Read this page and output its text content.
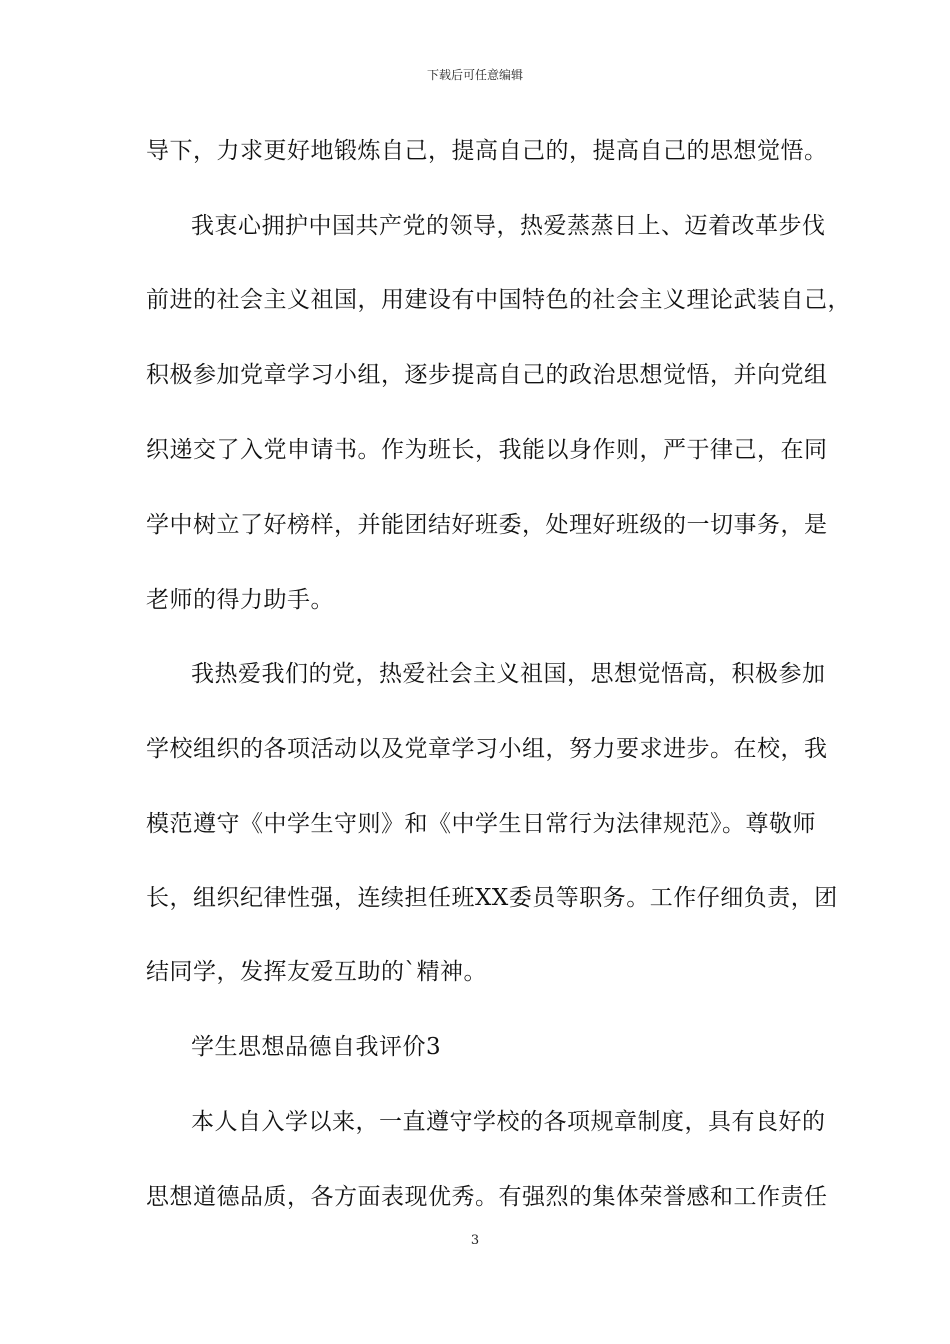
下载后可任意编辑
导下，力求更好地锻炼自己，提高自己的，提高自己的思想觉悟。
我衷心拥护中国共产党的领导，热爱蒸蒸日上、迈着改革步伐
前进的社会主义祖国，用建设有中国特色的社会主义理论武装自己，
积极参加党章学习小组，逐步提高自己的政治思想觉悟，并向党组
织递交了入党申请书。作为班长，我能以身作则，严于律己，在同
学中树立了好榜样，并能团结好班委，处理好班级的一切事务，是
老师的得力助手。
我热爱我们的党，热爱社会主义祖国，思想觉悟高，积极参加
学校组织的各项活动以及党章学习小组，努力要求进步。在校，我
模范遵守《中学生守则》和《中学生日常行为法律规范》。尊敬师
长，组织纪律性强，连续担任班XX委员等职务。工作仔细负责，团
结同学，发挥友爱互助的`精神。
学生思想品德自我评价3
本人自入学以来，一直遵守学校的各项规章制度，具有良好的
思想道德品质，各方面表现优秀。有强烈的集体荣誉感和工作责任
3
